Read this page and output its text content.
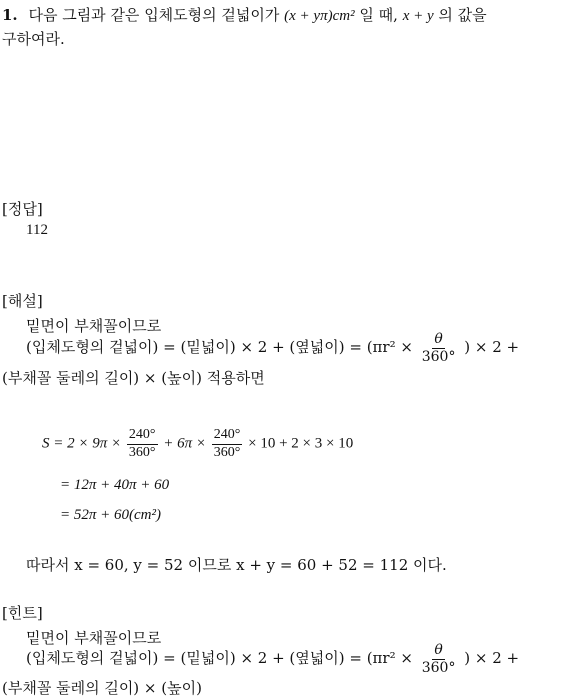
1. 다음 그림과 같은 입체도형의 겉넓이가 (x + yπ)cm² 일 때, x + y 의 값을
구하여라.
[정답]
112
[해설]
밑면이 부채꼴이므로
(입체도형의 겉넓이) = (밑넓이) × 2 + (옆넓이) = ($\pi r^2 \times \frac{\theta}{360^\circ}$ ) × 2 +
(부채꼴 둘레의 길이) × (높이) 적용하면
$S = 2 \times 9\pi \times \frac{240^\circ}{360^\circ} + 6\pi \times \frac{240^\circ}{360^\circ} \times 10 + 2 \times 3 \times 10$
= 12π + 40π + 60
= 52π + 60(cm²)
따라서 x = 60, y = 52 이므로 x + y = 60 + 52 = 112 이다.
[힌트]
밑면이 부채꼴이므로
(입체도형의 겉넓이) = (밑넓이) × 2 + (옆넓이) = ($\pi r^2 \times \frac{\theta}{360^\circ}$ ) × 2 +
(부채꼴 둘레의 길이) × (높이)
